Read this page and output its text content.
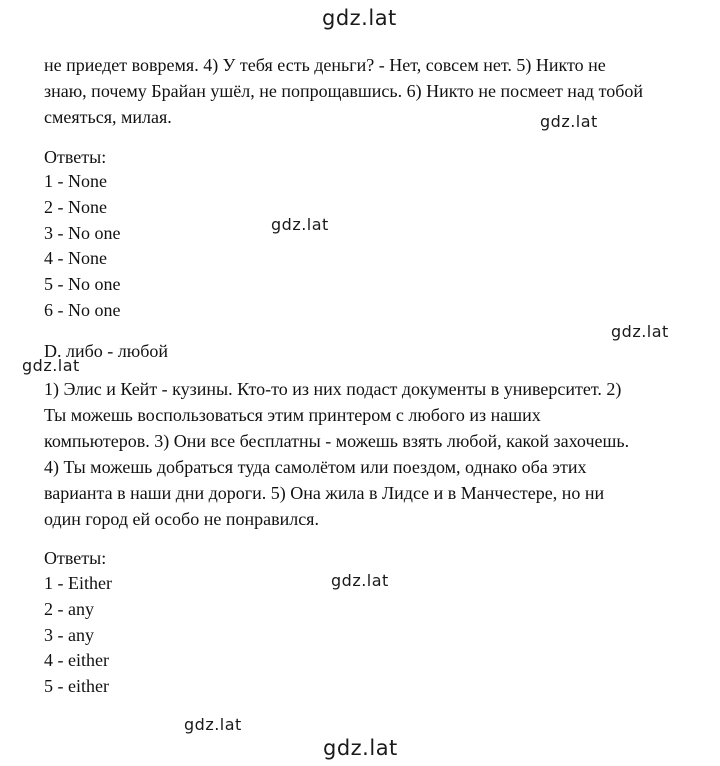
gdz.lat
gdz.lat
gdz.lat
gdz.lat
gdz.lat
gdz.lat
gdz.lat
gdz.lat
не приедет вовремя. 4) У тебя есть деньги? - Нет, совсем нет. 5) Никто не
знаю, почему Брайан ушёл, не попрощавшись. 6) Никто не посмеет над тобой
смеяться, милая.
Ответы:
1 - None
2 - None
3 - No one
4 - None
5 - No one
6 - No one
D. либо - любой
1) Элис и Кейт - кузины. Кто-то из них подаст документы в университет. 2)
Ты можешь воспользоваться этим принтером с любого из наших
компьютеров. 3) Они все бесплатны - можешь взять любой, какой захочешь.
4) Ты можешь добраться туда самолётом или поездом, однако оба этих
варианта в наши дни дороги. 5) Она жила в Лидсе и в Манчестере, но ни
один город ей особо не понравился.
Ответы:
1 - Either
2 - any
3 - any
4 - either
5 - either
